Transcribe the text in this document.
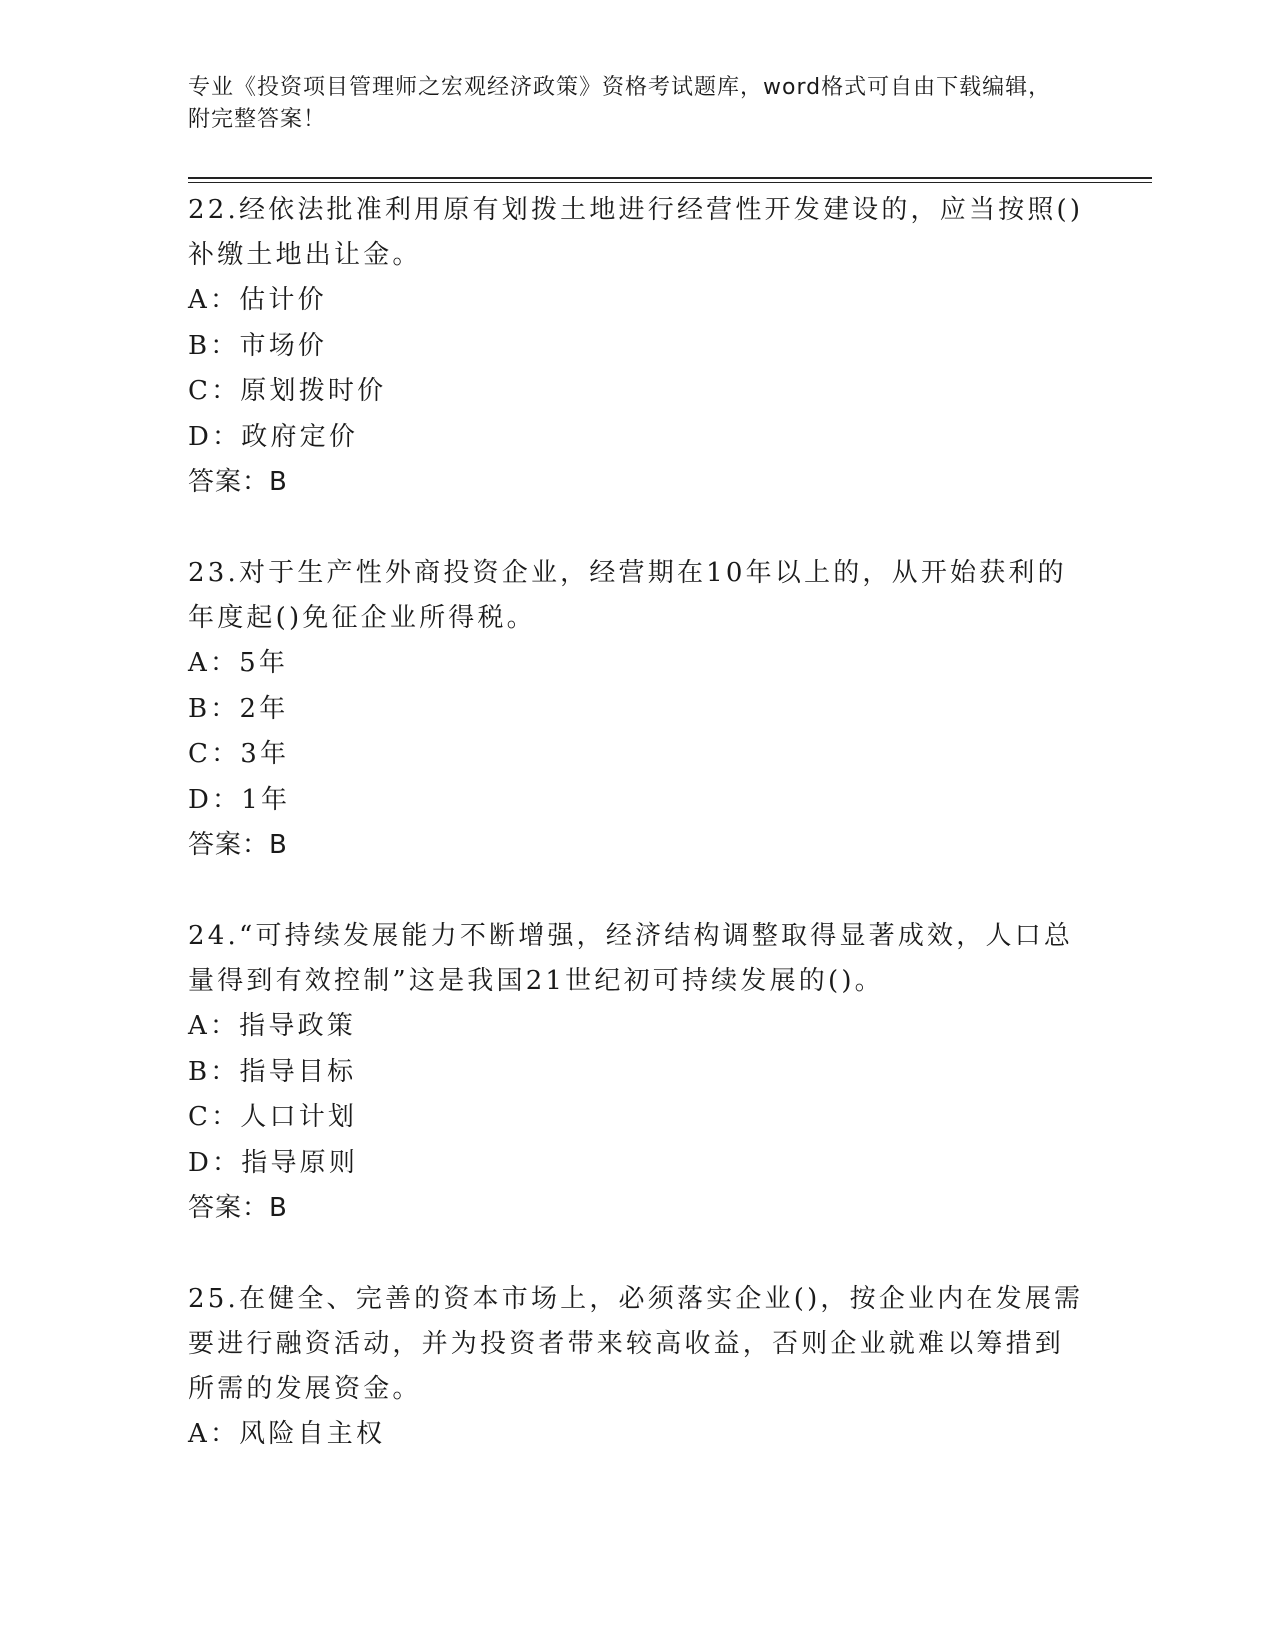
专业《投资项目管理师之宏观经济政策》资格考试题库，word格式可自由下载编辑，附完整答案！

22.经依法批准利用原有划拨土地进行经营性开发建设的，应当按照()补缴土地出让金。

A：估计价

B：市场价

C：原划拨时价

D：政府定价

答案：B

23.对于生产性外商投资企业，经营期在10年以上的，从开始获利的年度起()免征企业所得税。

A：5年

B：2年

C：3年

D：1年

答案：B

24.“可持续发展能力不断增强，经济结构调整取得显著成效，人口总量得到有效控制”这是我国21世纪初可持续发展的()。

A：指导政策

B：指导目标

C：人口计划

D：指导原则

答案：B

25.在健全、完善的资本市场上，必须落实企业()，按企业内在发展需要进行融资活动，并为投资者带来较高收益，否则企业就难以筹措到所需的发展资金。

A：风险自主权
